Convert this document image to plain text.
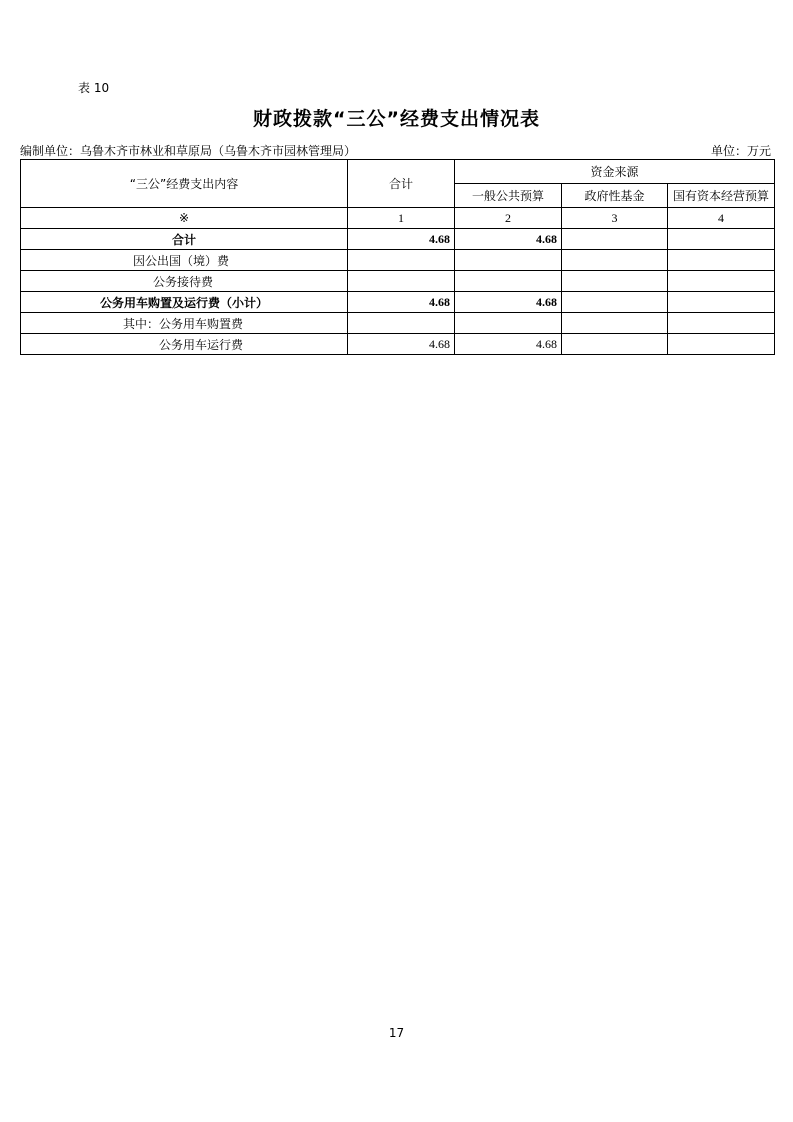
表 10
财政拨款“三公”经费支出情况表
编制单位：乌鲁木齐市林业和草原局（乌鲁木齐市园林管理局）	单位：万元
“三公”经费支出内容	合计	资金来源		
		一般公共预算	政府性基金	国有资本经营预算
※	1	2	3	4
合计	4.68	4.68		
因公出国（境）费				
公务接待费				
公务用车购置及运行费（小计）	4.68	4.68		
其中：公务用车购置费				
公务用车运行费	4.68	4.68		
17
